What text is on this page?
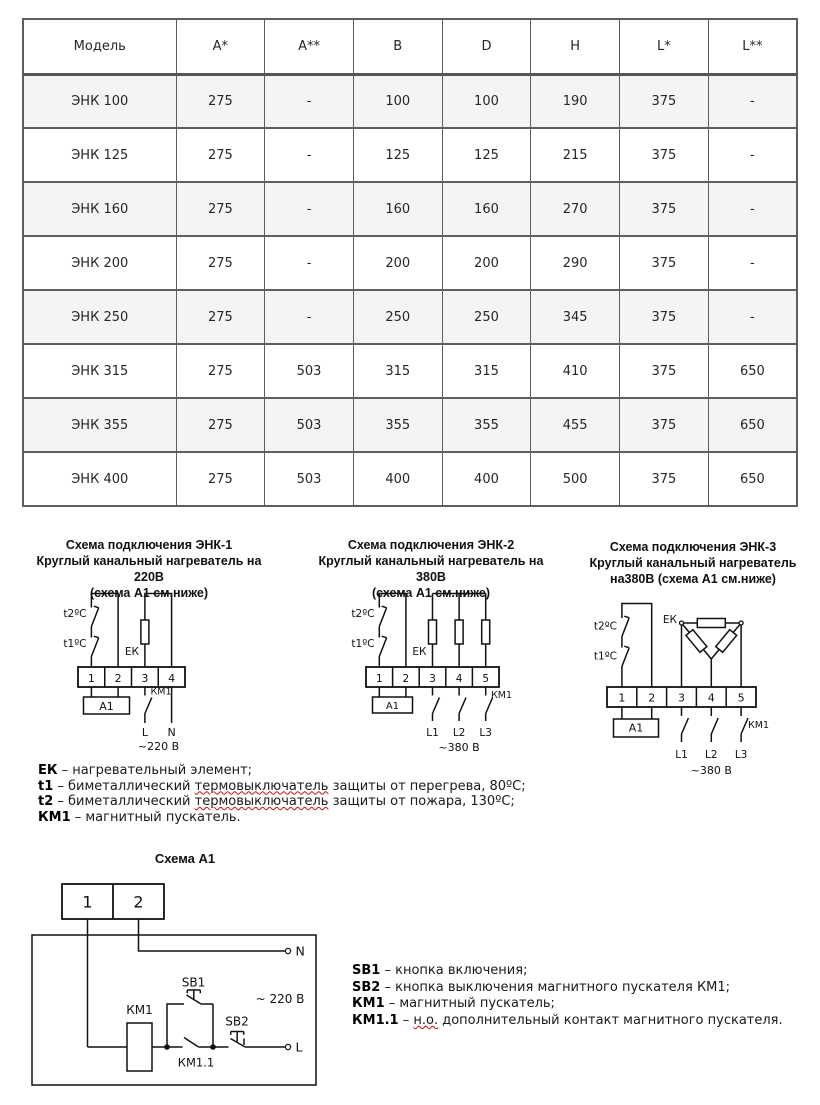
Модель	A*	A**	B	D	H	L*	L**
ЭНК 100	275	-	100	100	190	375	-
ЭНК 125	275	-	125	125	215	375	-
ЭНК 160	275	-	160	160	270	375	-
ЭНК 200	275	-	200	200	290	375	-
ЭНК 250	275	-	250	250	345	375	-
ЭНК 315	275	503	315	315	410	375	650
ЭНК 355	275	503	355	355	455	375	650
ЭНК 400	275	503	400	400	500	375	650
Схема подключения ЭНК-1
Круглый канальный нагреватель на 220В
(схема А1 см.ниже)
Схема подключения ЭНК-2
Круглый канальный нагреватель на 380В
(схема А1 см.ниже)
Схема подключения ЭНК-3
Круглый канальный нагреватель
на380В (схема А1 см.ниже)
t2ºC
t1ºC
ЕК
1 2 3 4
А1
КМ1
L N
~220 В
t2ºC
t1ºC
ЕК
1 2 3 4 5
А1
КМ1
L1 L2 L3
~380 В
t2ºC
t1ºC
ЕК
1 2 3 4 5
А1	КМ1
L1 L2 L3
~380 В
ЕК – нагревательный элемент;
t1 – биметаллический термовыключатель защиты от перегрева, 80ºС;
t2 – биметаллический термовыключатель защиты от пожара, 130ºС;
КМ1 – магнитный пускатель.
Схема А1
1	2
N
L
КМ1
SB1
SB2
КМ1.1
~ 220 В
SB1 – кнопка включения;
SB2 – кнопка выключения магнитного пускателя КМ1;
КМ1 – магнитный пускатель;
КМ1.1 – н.о. дополнительный контакт магнитного пускателя.
